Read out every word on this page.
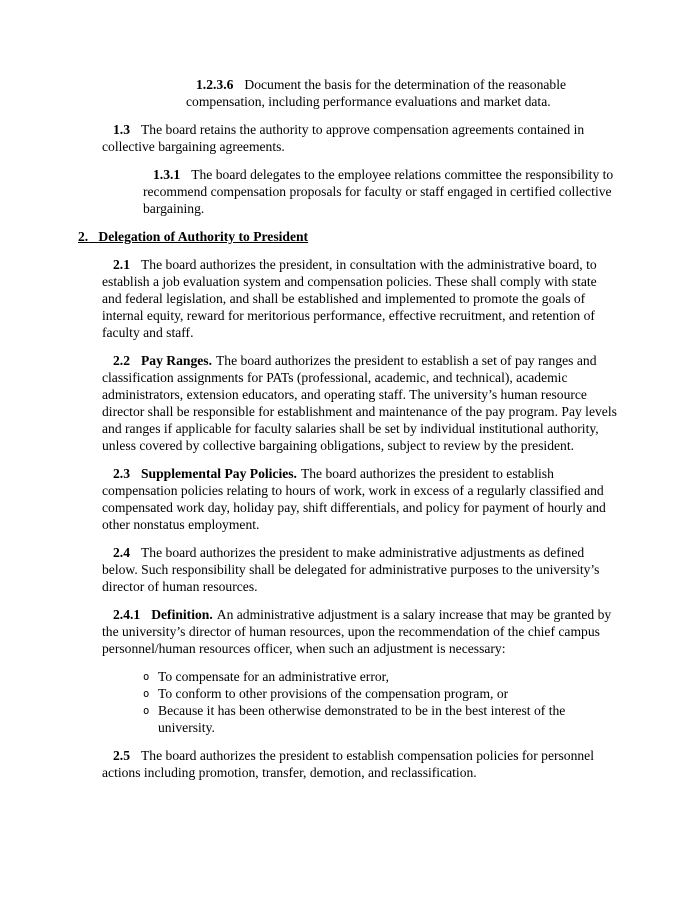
1.2.3.6 Document the basis for the determination of the reasonable compensation, including performance evaluations and market data.

1.3 The board retains the authority to approve compensation agreements contained in collective bargaining agreements.

1.3.1 The board delegates to the employee relations committee the responsibility to recommend compensation proposals for faculty or staff engaged in certified collective bargaining.

2. Delegation of Authority to President

2.1 The board authorizes the president, in consultation with the administrative board, to establish a job evaluation system and compensation policies. These shall comply with state and federal legislation, and shall be established and implemented to promote the goals of internal equity, reward for meritorious performance, effective recruitment, and retention of faculty and staff.

2.2 Pay Ranges. The board authorizes the president to establish a set of pay ranges and classification assignments for PATs (professional, academic, and technical), academic administrators, extension educators, and operating staff. The university’s human resource director shall be responsible for establishment and maintenance of the pay program. Pay levels and ranges if applicable for faculty salaries shall be set by individual institutional authority, unless covered by collective bargaining obligations, subject to review by the president.

2.3 Supplemental Pay Policies. The board authorizes the president to establish compensation policies relating to hours of work, work in excess of a regularly classified and compensated work day, holiday pay, shift differentials, and policy for payment of hourly and other nonstatus employment.

2.4 The board authorizes the president to make administrative adjustments as defined below. Such responsibility shall be delegated for administrative purposes to the university’s director of human resources.

2.4.1 Definition. An administrative adjustment is a salary increase that may be granted by the university’s director of human resources, upon the recommendation of the chief campus personnel/human resources officer, when such an adjustment is necessary:

o To compensate for an administrative error,
o To conform to other provisions of the compensation program, or
o Because it has been otherwise demonstrated to be in the best interest of the university.

2.5 The board authorizes the president to establish compensation policies for personnel actions including promotion, transfer, demotion, and reclassification.
